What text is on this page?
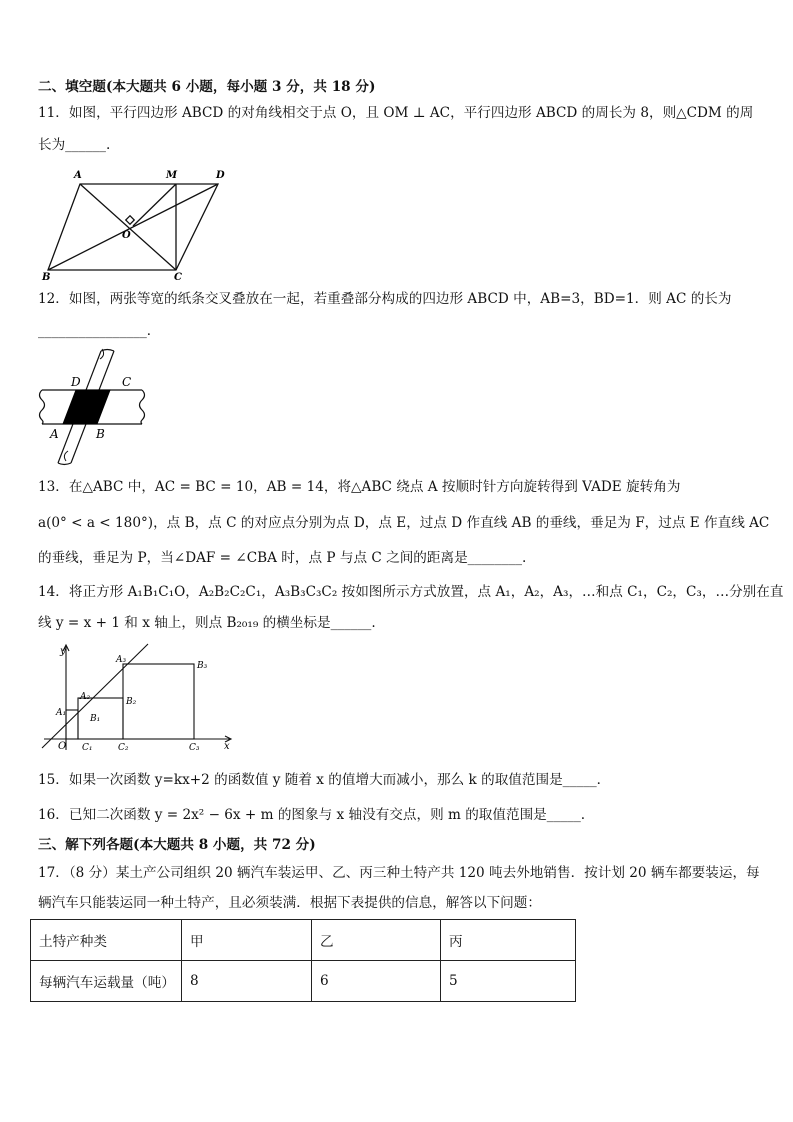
二、填空题(本大题共 6 小题，每小题 3 分，共 18 分)
11．如图，平行四边形 ABCD 的对角线相交于点 O，且 OM ⊥ AC，平行四边形 ABCD 的周长为 8，则△CDM 的周
长为______.
A	M	D
O
B	C
12．如图，两张等宽的纸条交叉叠放在一起，若重叠部分构成的四边形 ABCD 中，AB=3，BD=1．则 AC 的长为
________________．
D	C
A	B
13．在△ABC 中，AC = BC = 10，AB = 14，将△ABC 绕点 A 按顺时针方向旋转得到 VADE 旋转角为
a(0° < a < 180°)，点 B，点 C 的对应点分别为点 D，点 E，过点 D 作直线 AB 的垂线，垂足为 F，过点 E 作直线 AC
的垂线，垂足为 P，当∠DAF = ∠CBA 时，点 P 与点 C 之间的距离是________.
14．将正方形 A₁B₁C₁O，A₂B₂C₂C₁，A₃B₃C₃C₂ 按如图所示方式放置，点 A₁，A₂，A₃，…和点 C₁，C₂，C₃，…分别在直
线 y = x + 1 和 x 轴上，则点 B₂₀₁₉ 的横坐标是______.
y
x
O
A₁
A₂
A₃
B₁
B₂
B₃
C₁	C₂	C₃
15．如果一次函数 y=kx+2 的函数值 y 随着 x 的值增大而减小，那么 k 的取值范围是_____．
16．已知二次函数 y = 2x² − 6x + m 的图象与 x 轴没有交点，则 m 的取值范围是_____.
三、解下列各题(本大题共 8 小题，共 72 分)
17．（8 分）某土产公司组织 20 辆汽车装运甲、乙、丙三种土特产共 120 吨去外地销售．按计划 20 辆车都要装运，每
辆汽车只能装运同一种土特产，且必须装满．根据下表提供的信息，解答以下问题：
土特产种类	甲	乙	丙
每辆汽车运载量（吨）	8	6	5
